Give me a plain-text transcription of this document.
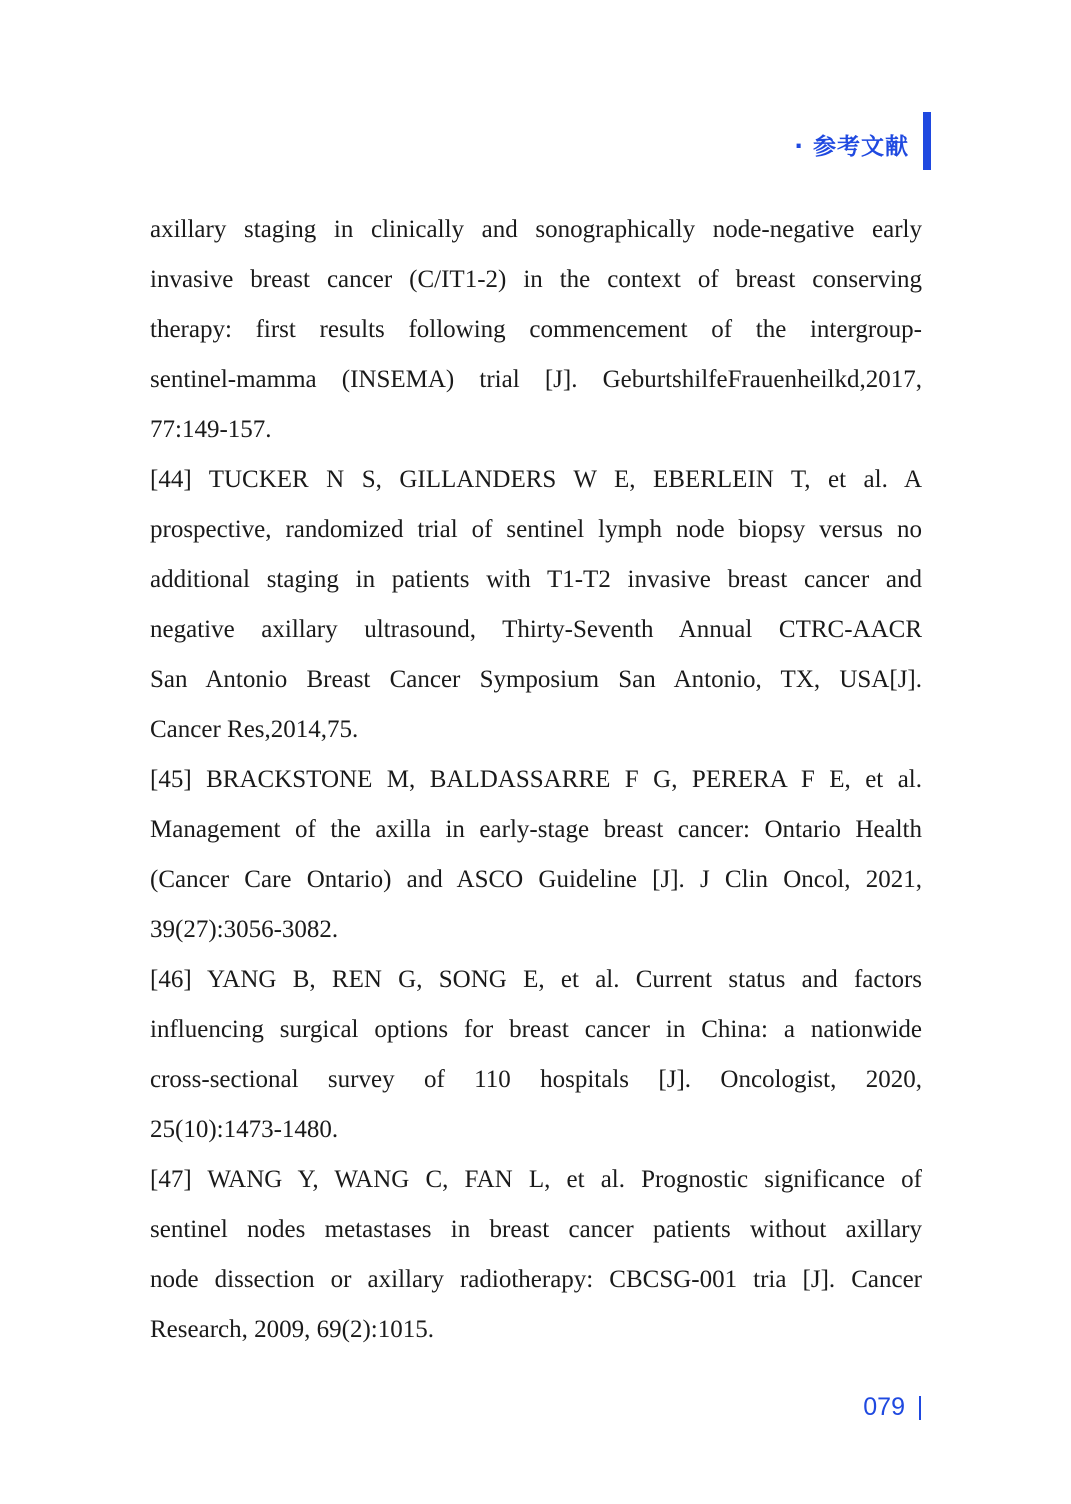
· 参考文献
axillary staging in clinically and sonographically node-negative early
invasive breast cancer (C/IT1-2) in the context of breast conserving
therapy: first results following commencement of the intergroup-
sentinel-mamma (INSEMA) trial [J]. GeburtshilfeFrauenheilkd,2017,
77:149-157.
[44] TUCKER N S, GILLANDERS W E, EBERLEIN T, et al. A
prospective, randomized trial of sentinel lymph node biopsy versus no
additional staging in patients with T1-T2 invasive breast cancer and
negative axillary ultrasound, Thirty-Seventh Annual CTRC-AACR
San Antonio Breast Cancer Symposium San Antonio, TX, USA[J].
Cancer Res,2014,75.
[45] BRACKSTONE M, BALDASSARRE F G, PERERA F E, et al.
Management of the axilla in early-stage breast cancer: Ontario Health
(Cancer Care Ontario) and ASCO Guideline [J]. J Clin Oncol, 2021,
39(27):3056-3082.
[46] YANG B, REN G, SONG E, et al. Current status and factors
influencing surgical options for breast cancer in China: a nationwide
cross-sectional survey of 110 hospitals [J]. Oncologist, 2020,
25(10):1473-1480.
[47] WANG Y, WANG C, FAN L, et al. Prognostic significance of
sentinel nodes metastases in breast cancer patients without axillary
node dissection or axillary radiotherapy: CBCSG-001 tria [J]. Cancer
Research, 2009, 69(2):1015.
079
